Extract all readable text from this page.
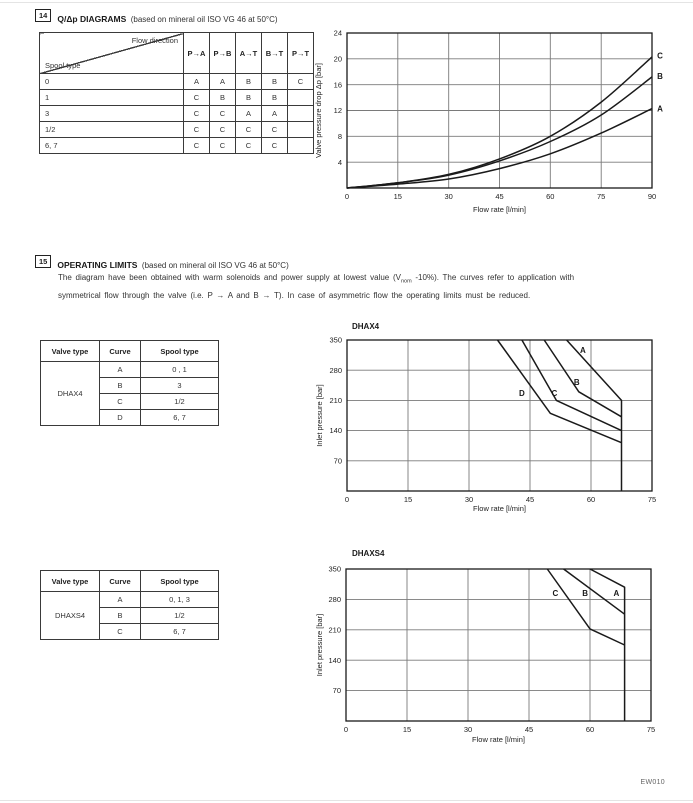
14	Q/Δp DIAGRAMS (based on mineral oil ISO VG 46 at 50°C)
Flow direction
Spool type	P→A	P→B	A→T	B→T	P→T
0	A	A	B	B	C
1	C	B	B	B	
3	C	C	A	A	
1/2	C	C	C	C	
6, 7	C	C	C	C	
C
B
A
0	15	30	45	60	75	90
4
8
12
16
20
24
Flow rate [l/min]
Valve pressure drop Δp [bar]
15	OPERATING LIMITS (based on mineral oil ISO VG 46 at 50°C)
The diagram have been obtained with warm solenoids and power supply at lowest value ($V_{nom}$ -10%). The curves refer to application with
symmetrical flow through the valve (i.e. P → A and B → T). In case of asymmetric flow the operating limits must be reduced.
Valve type	Curve	Spool type
DHAX4	A	0 , 1
	B	3
	C	1/2
	D	6, 7
DHAX4
A
B
C
D
0	15	30	45	60	75
70
140
210
280
350
Flow rate [l/min]
Inlet pressure [bar]
Valve type	Curve	Spool type
DHAXS4	A	0, 1, 3
	B	1/2
	C	6, 7
DHAXS4
C	B	A
0	15	30	45	60	75
70
140
210
280
350
Flow rate [l/min]
Inlet pressure [bar]
EW010
